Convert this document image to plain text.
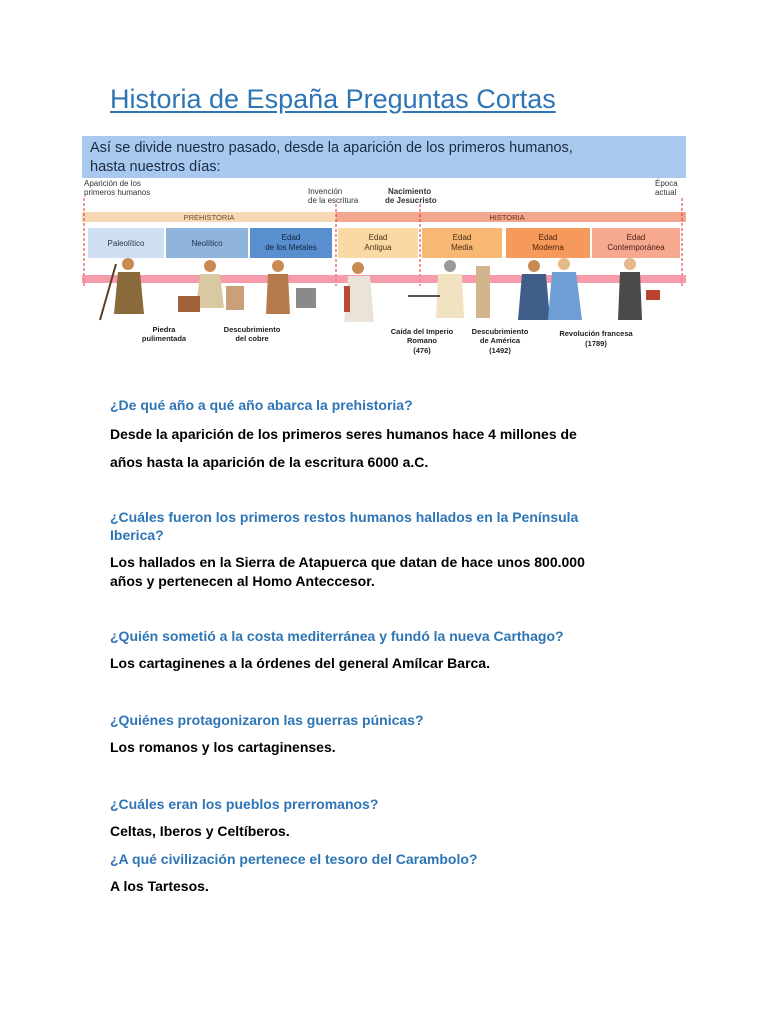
Historia de España Preguntas Cortas
Así se divide nuestro pasado, desde la aparición de los primeros humanos,
hasta nuestros días:
Aparición de los
primeros humanos	Invención
de la escritura
Nacimiento
de Jesucristo
Época
actual
PREHISTORIA	HISTORIA
Paleolítico	Neolítico
Edad
de los Metales
Edad
Antigua
Edad
Media
Edad
Moderna
Edad
Contemporánea
Piedra
pulimentada
Descubrimiento
del cobre
Caída del Imperio
Romano
(476)
Descubrimiento
de América
(1492)
Revolución francesa
(1789)

¿De qué año a qué año abarca la prehistoria?

Desde la aparición de los primeros seres humanos hace 4 millones de

años hasta la aparición de la escritura 6000 a.C.

¿Cuáles fueron los primeros restos humanos hallados en la Península

Iberica?

Los hallados en la Sierra de Atapuerca que datan de hace unos 800.000

años y pertenecen al Homo Anteccesor.

¿Quién sometió a la costa mediterránea y fundó la nueva Carthago?

Los cartaginenes a la órdenes del general Amílcar Barca.

¿Quiénes protagonizaron las guerras púnicas?

Los romanos y los cartaginenses.

¿Cuáles eran los pueblos prerromanos?

Celtas, Iberos y Celtíberos.

¿A qué civilización pertenece el tesoro del Carambolo?

A los Tartesos.
